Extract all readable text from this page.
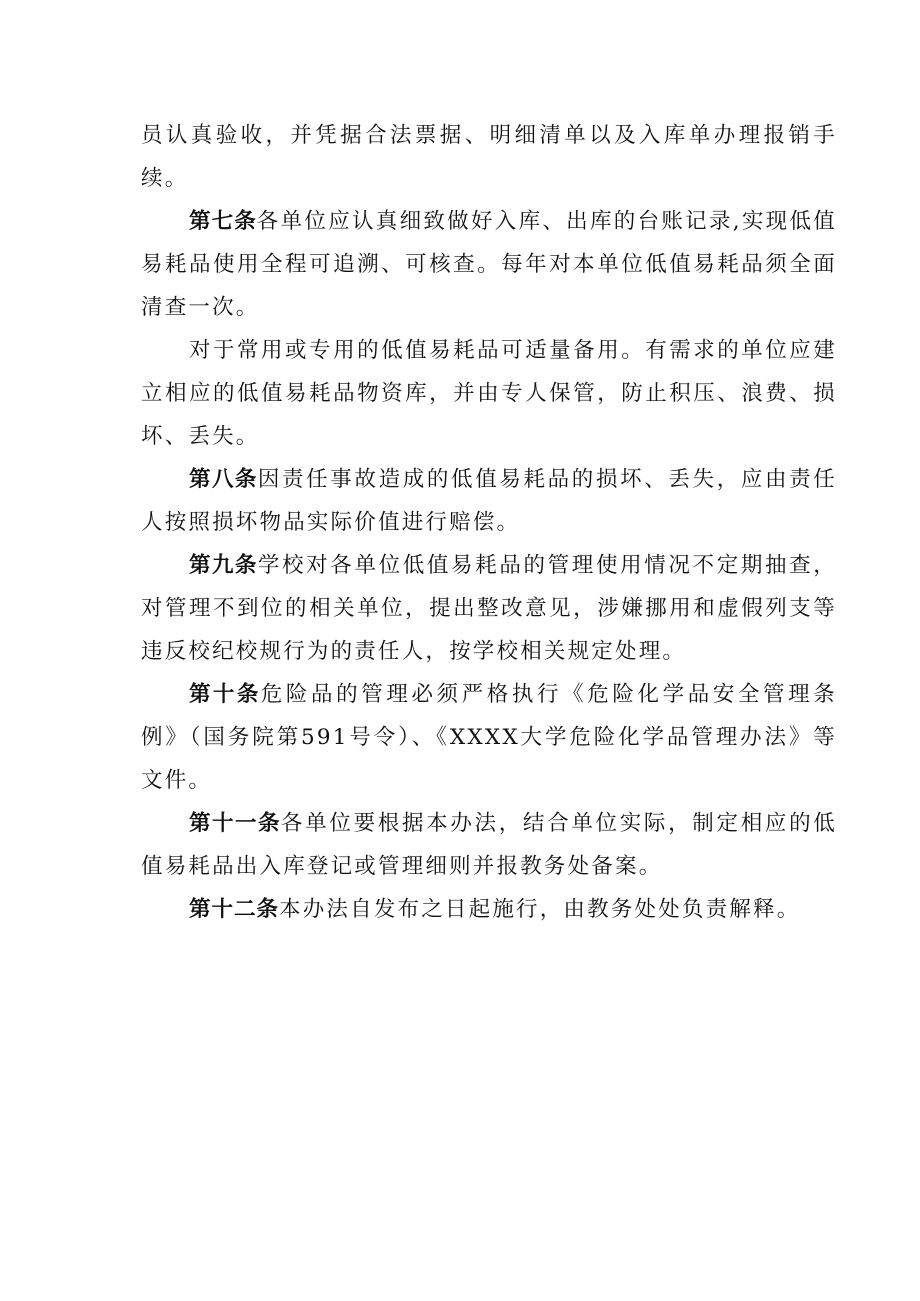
员认真验收，并凭据合法票据、明细清单以及入库单办理报销手续。

第七条各单位应认真细致做好入库、出库的台账记录,实现低值易耗品使用全程可追溯、可核查。每年对本单位低值易耗品须全面清查一次。

对于常用或专用的低值易耗品可适量备用。有需求的单位应建立相应的低值易耗品物资库，并由专人保管，防止积压、浪费、损坏、丢失。

第八条因责任事故造成的低值易耗品的损坏、丢失，应由责任人按照损坏物品实际价值进行赔偿。

第九条学校对各单位低值易耗品的管理使用情况不定期抽查，对管理不到位的相关单位，提出整改意见，涉嫌挪用和虚假列支等违反校纪校规行为的责任人，按学校相关规定处理。

第十条危险品的管理必须严格执行《危险化学品安全管理条例》（国务院第591号令）、《XXXX大学危险化学品管理办法》等文件。

第十一条各单位要根据本办法，结合单位实际，制定相应的低值易耗品出入库登记或管理细则并报教务处备案。

第十二条本办法自发布之日起施行，由教务处处负责解释。
